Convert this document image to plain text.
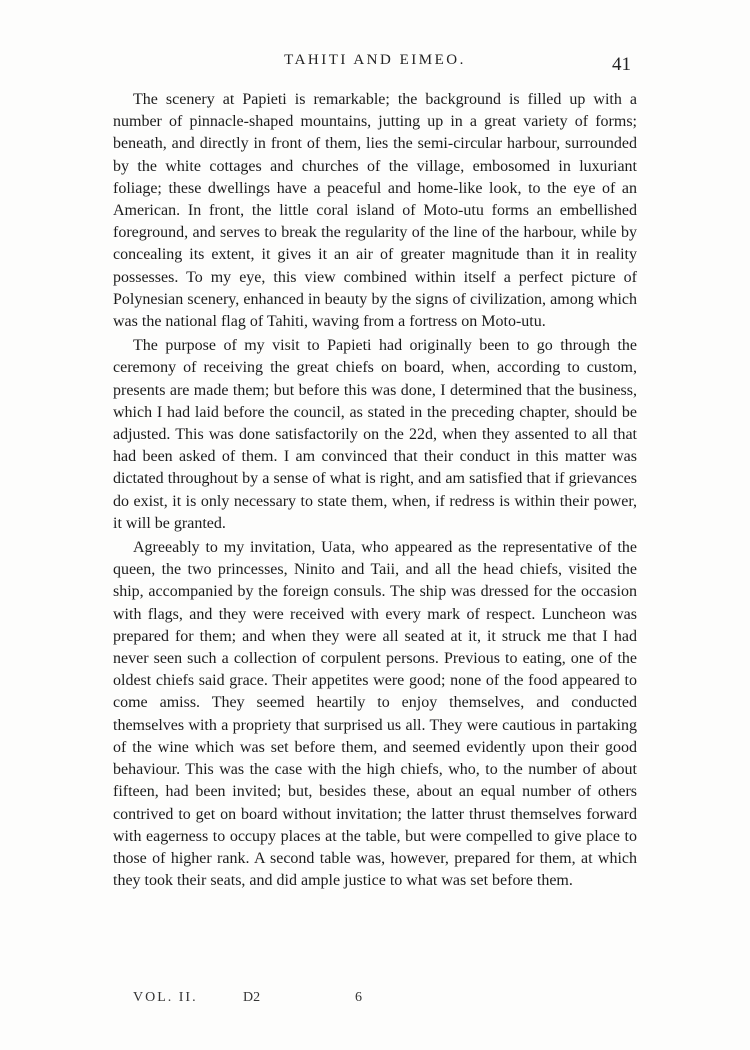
TAHITI AND EIMEO.	41

The scenery at Papieti is remarkable; the background is filled up with a number of pinnacle-shaped mountains, jutting up in a great variety of forms; beneath, and directly in front of them, lies the semi-circular harbour, surrounded by the white cottages and churches of the village, embosomed in luxuriant foliage; these dwellings have a peaceful and home-like look, to the eye of an American. In front, the little coral island of Moto-utu forms an embellished foreground, and serves to break the regularity of the line of the harbour, while by concealing its extent, it gives it an air of greater magnitude than it in reality possesses. To my eye, this view combined within itself a perfect picture of Polynesian scenery, enhanced in beauty by the signs of civilization, among which was the national flag of Tahiti, waving from a fortress on Moto-utu.

The purpose of my visit to Papieti had originally been to go through the ceremony of receiving the great chiefs on board, when, according to custom, presents are made them; but before this was done, I determined that the business, which I had laid before the council, as stated in the preceding chapter, should be adjusted. This was done satisfactorily on the 22d, when they assented to all that had been asked of them. I am convinced that their conduct in this matter was dictated throughout by a sense of what is right, and am satisfied that if grievances do exist, it is only necessary to state them, when, if redress is within their power, it will be granted.

Agreeably to my invitation, Uata, who appeared as the representative of the queen, the two princesses, Ninito and Taii, and all the head chiefs, visited the ship, accompanied by the foreign consuls. The ship was dressed for the occasion with flags, and they were received with every mark of respect. Luncheon was prepared for them; and when they were all seated at it, it struck me that I had never seen such a collection of corpulent persons. Previous to eating, one of the oldest chiefs said grace. Their appetites were good; none of the food appeared to come amiss. They seemed heartily to enjoy themselves, and conducted themselves with a propriety that surprised us all. They were cautious in partaking of the wine which was set before them, and seemed evidently upon their good behaviour. This was the case with the high chiefs, who, to the number of about fifteen, had been invited; but, besides these, about an equal number of others contrived to get on board without invitation; the latter thrust themselves forward with eagerness to occupy places at the table, but were compelled to give place to those of higher rank. A second table was, however, prepared for them, at which they took their seats, and did ample justice to what was set before them.

VOL. II.	D2	6
